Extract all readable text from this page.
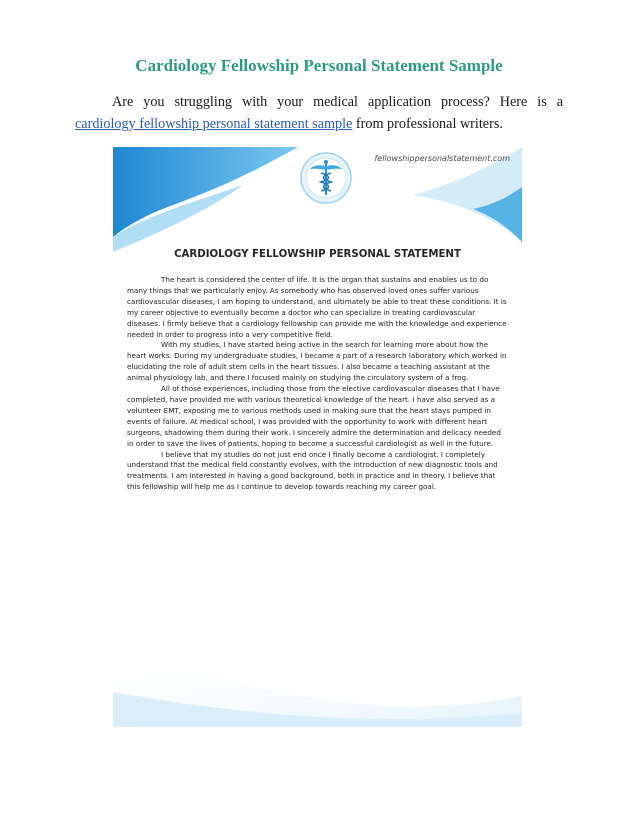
Cardiology Fellowship Personal Statement Sample

Are you struggling with your medical application process? Here is a cardiology fellowship personal statement sample from professional writers.

fellowshippersonalstatement.com
CARDIOLOGY FELLOWSHIP PERSONAL STATEMENT

The heart is considered the center of life. It is the organ that sustains and enables us to do many things that we particularly enjoy. As somebody who has observed loved ones suffer various cardiovascular diseases, I am hoping to understand, and ultimately be able to treat these conditions. It is my career objective to eventually become a doctor who can specialize in treating cardiovascular diseases. I firmly believe that a cardiology fellowship can provide me with the knowledge and experience needed in order to progress into a very competitive field.

With my studies, I have started being active in the search for learning more about how the heart works. During my undergraduate studies, I became a part of a research laboratory which worked in elucidating the role of adult stem cells in the heart tissues. I also became a teaching assistant at the animal physiology lab, and there I focused mainly on studying the circulatory system of a frog.

All of those experiences, including those from the elective cardiovascular diseases that I have completed, have provided me with various theoretical knowledge of the heart. I have also served as a volunteer EMT, exposing me to various methods used in making sure that the heart stays pumped in events of failure. At medical school, I was provided with the opportunity to work with different heart surgeons, shadowing them during their work. I sincerely admire the determination and delicacy needed in order to save the lives of patients, hoping to become a successful cardiologist as well in the future.

I believe that my studies do not just end once I finally become a cardiologist. I completely understand that the medical field constantly evolves, with the introduction of new diagnostic tools and treatments. I am interested in having a good background, both in practice and in theory. I believe that this fellowship will help me as I continue to develop towards reaching my career goal.
